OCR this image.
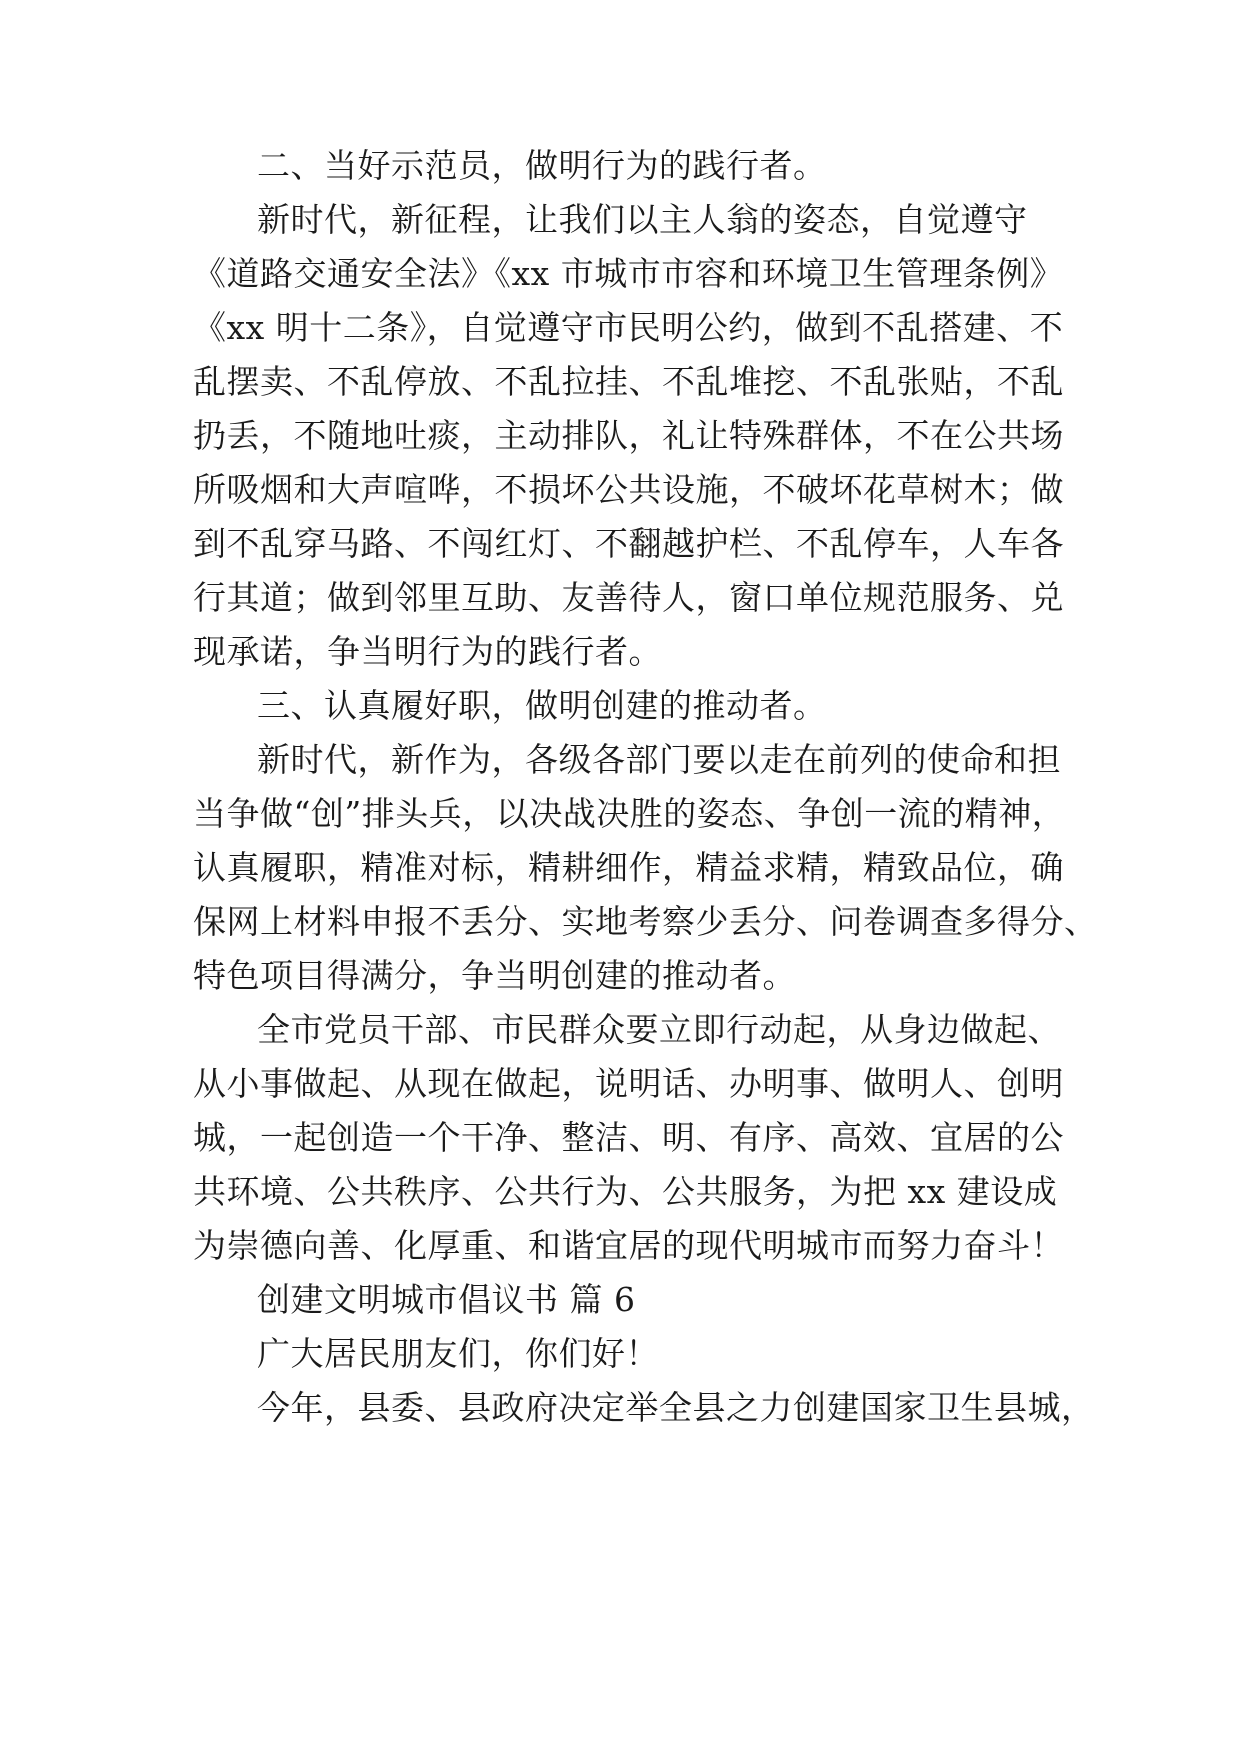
二、当好示范员，做明行为的践行者。
新时代，新征程，让我们以主人翁的姿态，自觉遵守
《道路交通安全法》《xx 市城市市容和环境卫生管理条例》
《xx 明十二条》，自觉遵守市民明公约，做到不乱搭建、不
乱摆卖、不乱停放、不乱拉挂、不乱堆挖、不乱张贴，不乱
扔丢，不随地吐痰，主动排队，礼让特殊群体，不在公共场
所吸烟和大声喧哗，不损坏公共设施，不破坏花草树木；做
到不乱穿马路、不闯红灯、不翻越护栏、不乱停车，人车各
行其道；做到邻里互助、友善待人，窗口单位规范服务、兑
现承诺，争当明行为的践行者。
三、认真履好职，做明创建的推动者。
新时代，新作为，各级各部门要以走在前列的使命和担
当争做“创”排头兵，以决战决胜的姿态、争创一流的精神，
认真履职，精准对标，精耕细作，精益求精，精致品位，确
保网上材料申报不丢分、实地考察少丢分、问卷调查多得分、
特色项目得满分，争当明创建的推动者。
全市党员干部、市民群众要立即行动起，从身边做起、
从小事做起、从现在做起，说明话、办明事、做明人、创明
城，一起创造一个干净、整洁、明、有序、高效、宜居的公
共环境、公共秩序、公共行为、公共服务，为把 xx 建设成
为崇德向善、化厚重、和谐宜居的现代明城市而努力奋斗！
创建文明城市倡议书 篇 6
广大居民朋友们，你们好！
今年，县委、县政府决定举全县之力创建国家卫生县城，
